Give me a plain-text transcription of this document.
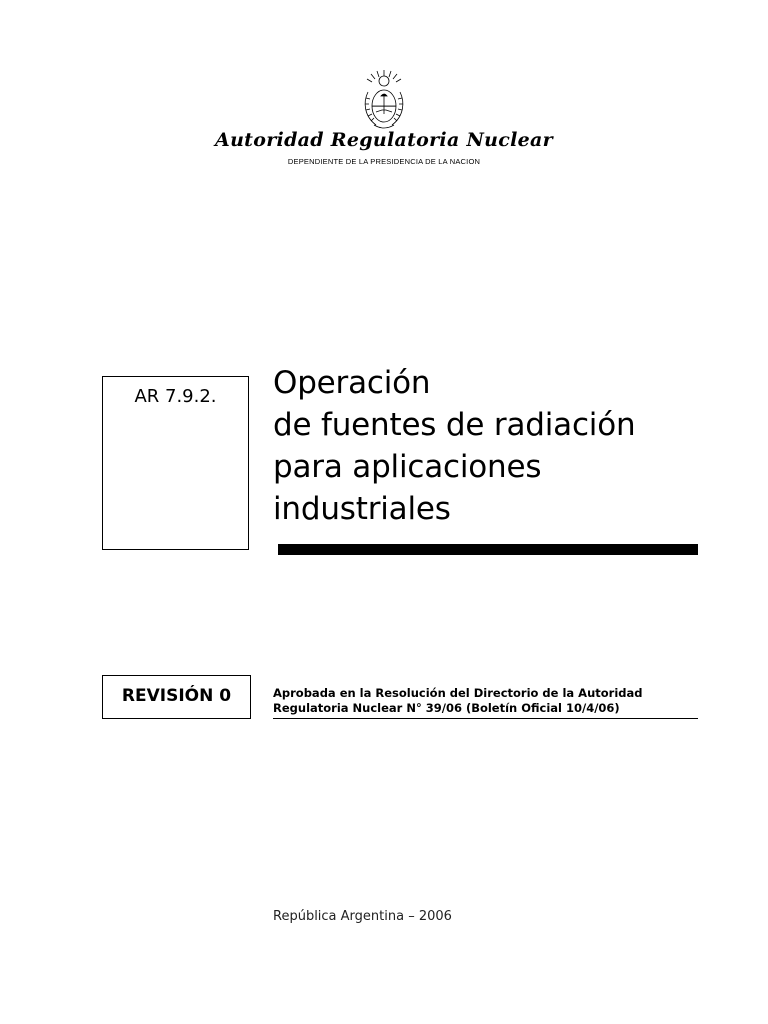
Autoridad Regulatoria Nuclear
DEPENDIENTE DE LA PRESIDENCIA DE LA NACION
AR 7.9.2.	Operación
de fuentes de radiación
para aplicaciones
industriales
REVISIÓN 0	Aprobada en la Resolución del Directorio de la Autoridad
Regulatoria Nuclear N° 39/06 (Boletín Oficial 10/4/06)
República Argentina – 2006
